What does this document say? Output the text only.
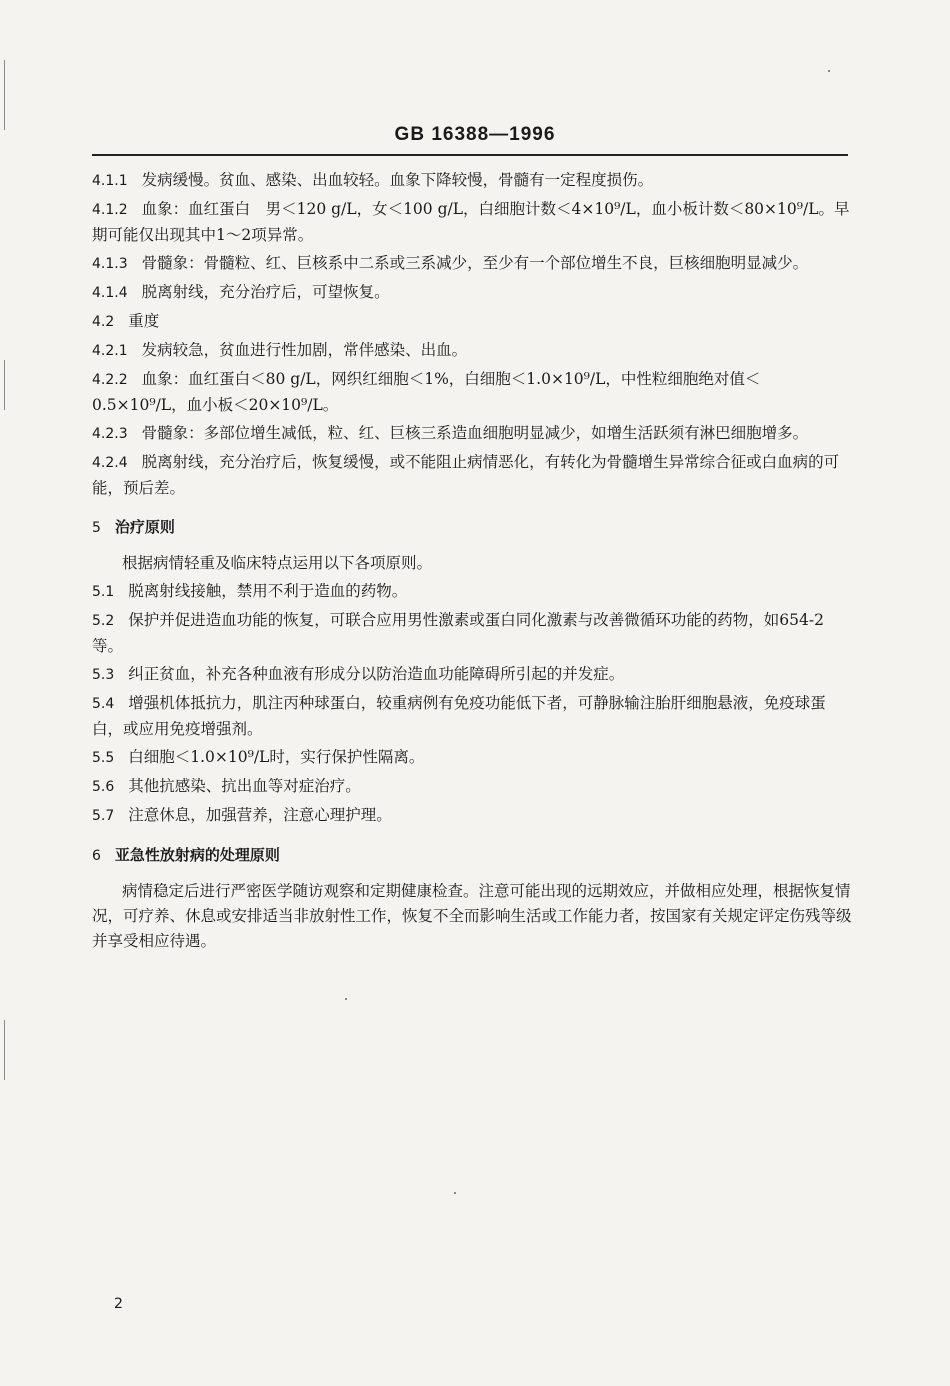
GB 16388—1996
4.1.1 发病缓慢。贫血、感染、出血较轻。血象下降较慢，骨髓有一定程度损伤。
4.1.2 血象：血红蛋白　男＜120 g/L，女＜100 g/L，白细胞计数＜4×10⁹/L，血小板计数＜80×10⁹/L。早期可能仅出现其中1～2项异常。
4.1.3 骨髓象：骨髓粒、红、巨核系中二系或三系减少，至少有一个部位增生不良，巨核细胞明显减少。
4.1.4 脱离射线，充分治疗后，可望恢复。
4.2 重度
4.2.1 发病较急，贫血进行性加剧，常伴感染、出血。
4.2.2 血象：血红蛋白＜80 g/L，网织红细胞＜1%，白细胞＜1.0×10⁹/L，中性粒细胞绝对值＜0.5×10⁹/L，血小板＜20×10⁹/L。
4.2.3 骨髓象：多部位增生减低，粒、红、巨核三系造血细胞明显减少，如增生活跃须有淋巴细胞增多。
4.2.4 脱离射线，充分治疗后，恢复缓慢，或不能阻止病情恶化，有转化为骨髓增生异常综合征或白血病的可能，预后差。
5 治疗原则
根据病情轻重及临床特点运用以下各项原则。
5.1 脱离射线接触，禁用不利于造血的药物。
5.2 保护并促进造血功能的恢复，可联合应用男性激素或蛋白同化激素与改善微循环功能的药物，如654-2等。
5.3 纠正贫血，补充各种血液有形成分以防治造血功能障碍所引起的并发症。
5.4 增强机体抵抗力，肌注丙种球蛋白，较重病例有免疫功能低下者，可静脉输注胎肝细胞悬液，免疫球蛋白，或应用免疫增强剂。
5.5 白细胞＜1.0×10⁹/L时，实行保护性隔离。
5.6 其他抗感染、抗出血等对症治疗。
5.7 注意休息，加强营养，注意心理护理。
6 亚急性放射病的处理原则
病情稳定后进行严密医学随访观察和定期健康检查。注意可能出现的远期效应，并做相应处理，根据恢复情况，可疗养、休息或安排适当非放射性工作，恢复不全而影响生活或工作能力者，按国家有关规定评定伤残等级并享受相应待遇。
2
